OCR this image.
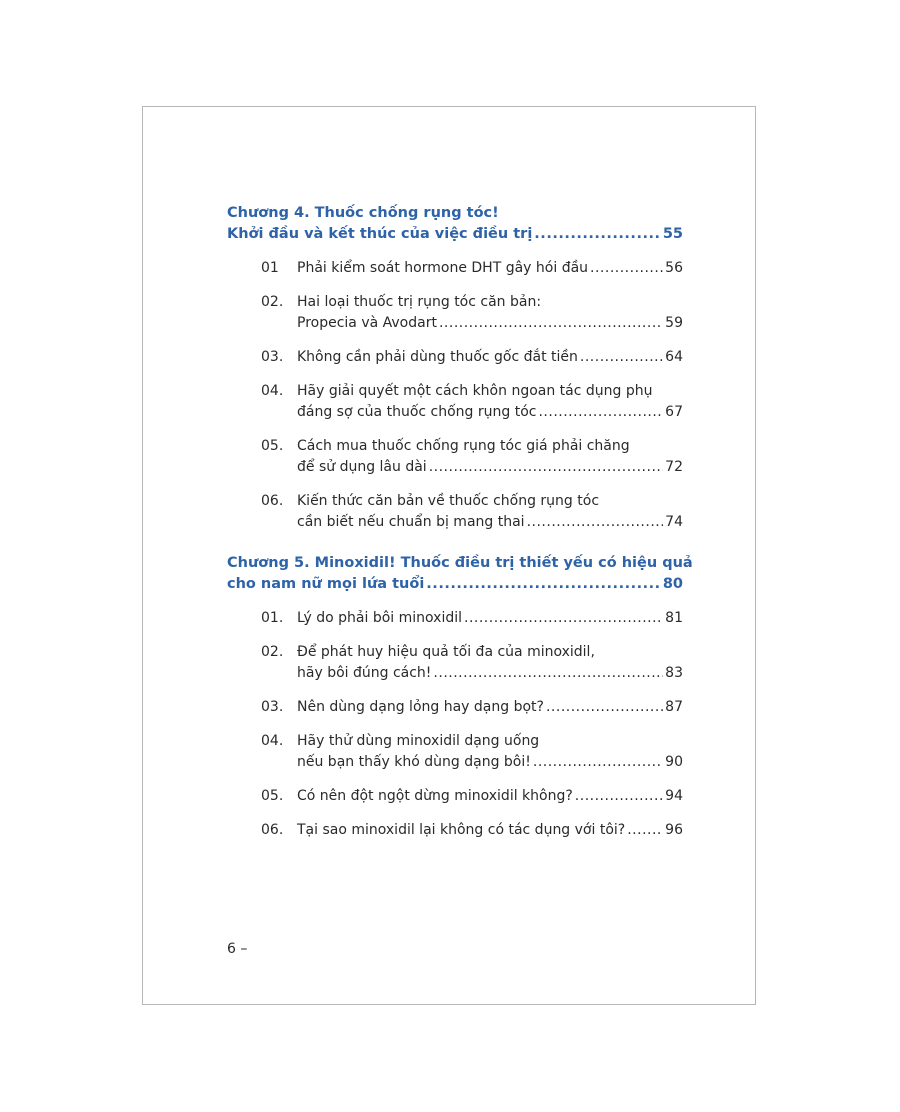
Chương 4. Thuốc chống rụng tóc!
Khởi đầu và kết thúc của việc điều trị .....	55
01	Phải kiểm soát hormone DHT gây hói đầu .....	56
02. Hai loại thuốc trị rụng tóc căn bản:
Propecia và Avodart .....	59
03. Không cần phải dùng thuốc gốc đắt tiền .....	64
04. Hãy giải quyết một cách khôn ngoan tác dụng phụ
đáng sợ của thuốc chống rụng tóc .....	67
05. Cách mua thuốc chống rụng tóc giá phải chăng
để sử dụng lâu dài .....	72
06. Kiến thức căn bản về thuốc chống rụng tóc
cần biết nếu chuẩn bị mang thai .....	74
Chương 5. Minoxidil! Thuốc điều trị thiết yếu có hiệu quả
cho nam nữ mọi lứa tuổi .....	80
01. Lý do phải bôi minoxidil .....	81
02. Để phát huy hiệu quả tối đa của minoxidil,
hãy bôi đúng cách! .....	83
03. Nên dùng dạng lỏng hay dạng bọt? .....	87
04. Hãy thử dùng minoxidil dạng uống
nếu bạn thấy khó dùng dạng bôi! .....	90
05. Có nên đột ngột dừng minoxidil không? .....	94
06. Tại sao minoxidil lại không có tác dụng với tôi? .....	96
6 –
